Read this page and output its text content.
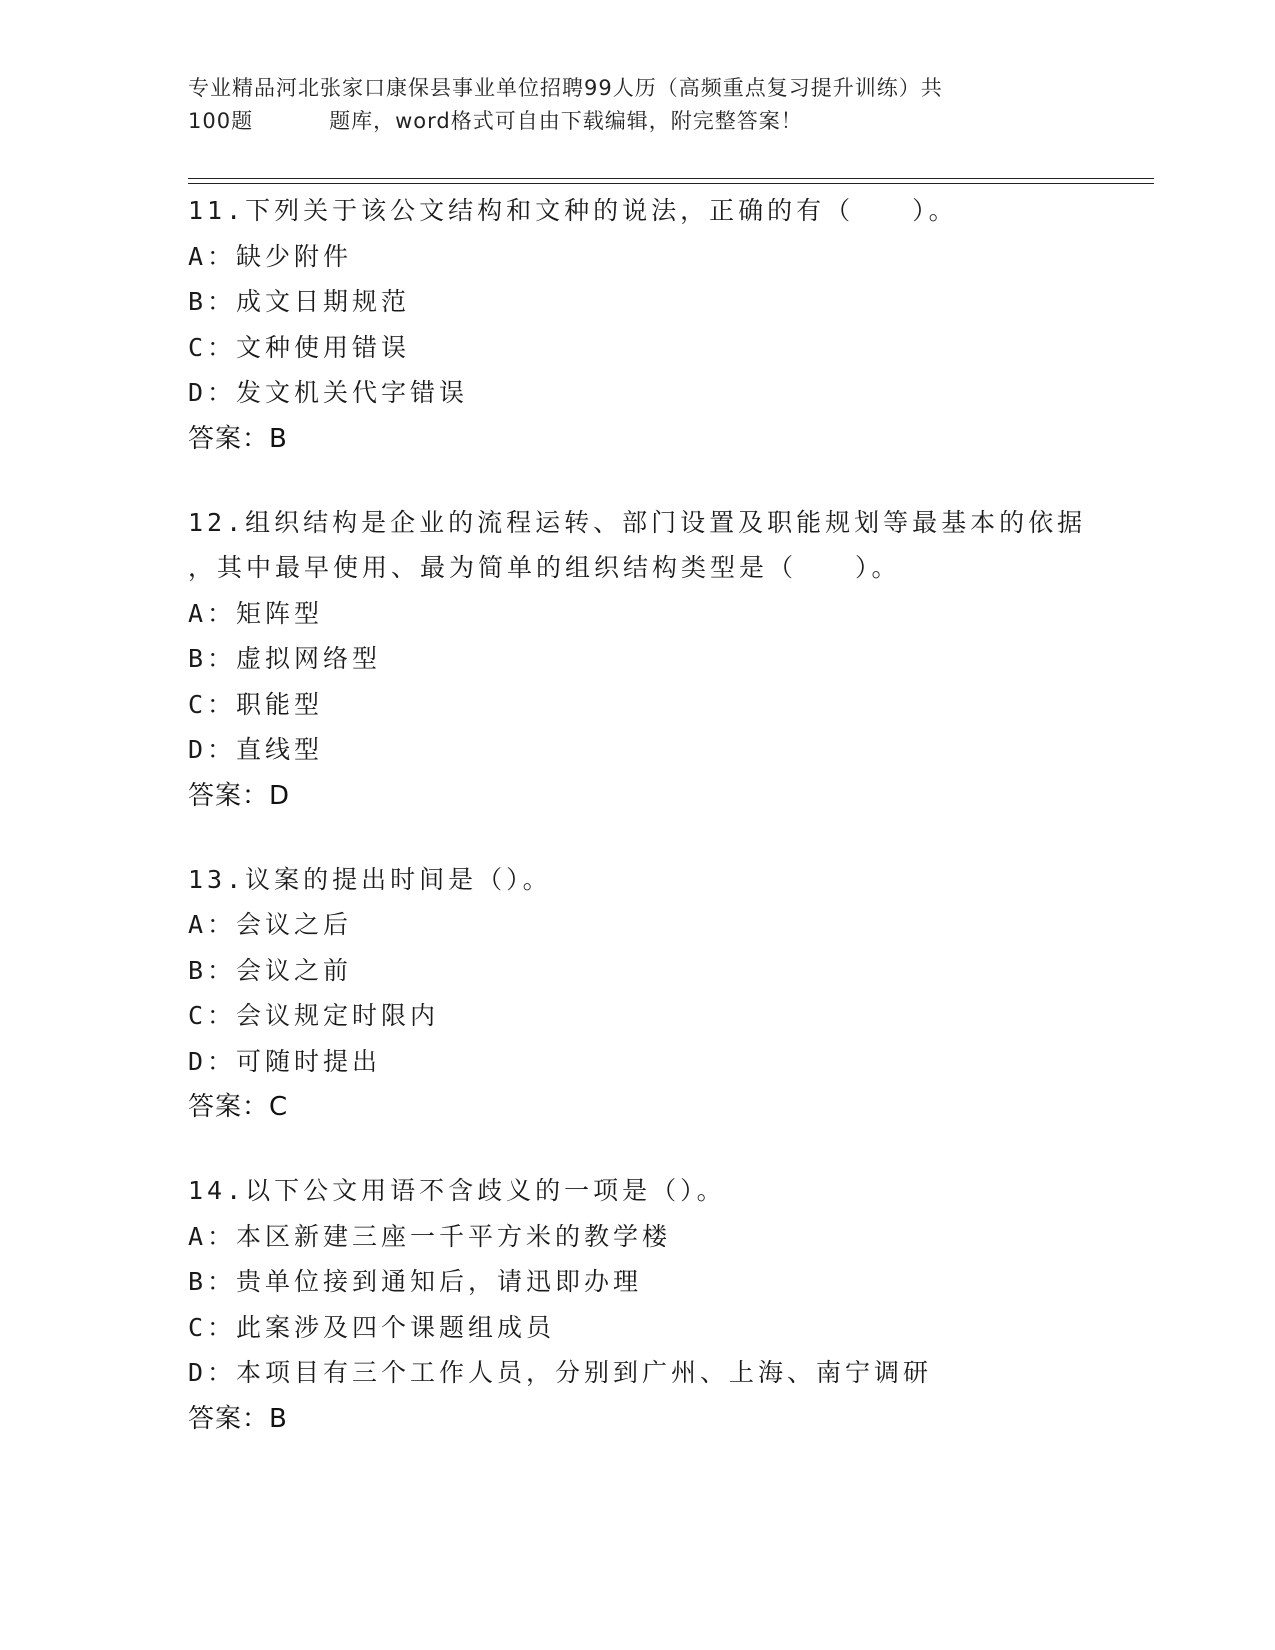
专业精品河北张家口康保县事业单位招聘99人历（高频重点复习提升训练）共
100题	题库，word格式可自由下载编辑，附完整答案！
11.下列关于该公文结构和文种的说法，正确的有（　　）。
A：缺少附件
B：成文日期规范
C：文种使用错误
D：发文机关代字错误
答案：B
12.组织结构是企业的流程运转、部门设置及职能规划等最基本的依据
，其中最早使用、最为简单的组织结构类型是（　　）。
A：矩阵型
B：虚拟网络型
C：职能型
D：直线型
答案：D
13.议案的提出时间是（）。
A：会议之后
B：会议之前
C：会议规定时限内
D：可随时提出
答案：C
14.以下公文用语不含歧义的一项是（）。
A：本区新建三座一千平方米的教学楼
B：贵单位接到通知后，请迅即办理
C：此案涉及四个课题组成员
D：本项目有三个工作人员，分别到广州、上海、南宁调研
答案：B
